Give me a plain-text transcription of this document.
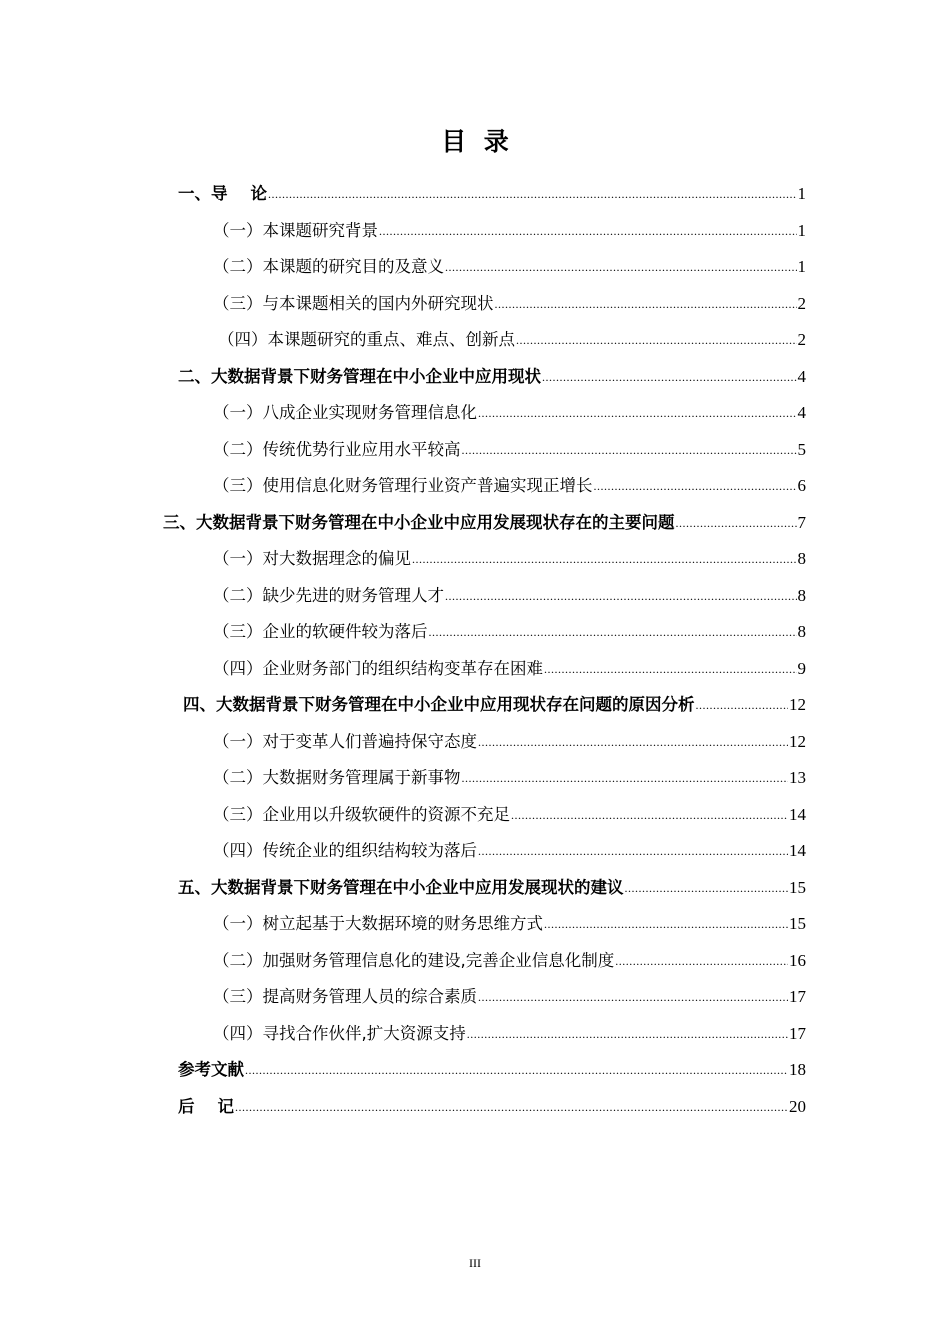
目  录
一、导    论 .....	1
（一）本课题研究背景 .....	1
（二）本课题的研究目的及意义 .....	1
（三）与本课题相关的国内外研究现状 .....	2
（四）本课题研究的重点、难点、创新点 .....	2
二、大数据背景下财务管理在中小企业中应用现状 .....	4
（一）八成企业实现财务管理信息化 .....	4
（二）传统优势行业应用水平较高 .....	5
（三）使用信息化财务管理行业资产普遍实现正增长 .....	6
三、大数据背景下财务管理在中小企业中应用发展现状存在的主要问题 .....	7
（一）对大数据理念的偏见 .....	8
（二）缺少先进的财务管理人才 .....	8
（三）企业的软硬件较为落后 .....	8
（四）企业财务部门的组织结构变革存在困难 .....	9
四、大数据背景下财务管理在中小企业中应用现状存在问题的原因分析 .....	12
（一）对于变革人们普遍持保守态度 .....	12
（二）大数据财务管理属于新事物 .....	13
（三）企业用以升级软硬件的资源不充足 .....	14
（四）传统企业的组织结构较为落后 .....	14
五、大数据背景下财务管理在中小企业中应用发展现状的建议 .....	15
（一）树立起基于大数据环境的财务思维方式 .....	15
（二）加强财务管理信息化的建设,完善企业信息化制度 .....	16
（三）提高财务管理人员的综合素质 .....	17
（四）寻找合作伙伴,扩大资源支持 .....	17
参考文献 .....	18
后    记 .....	20
III
